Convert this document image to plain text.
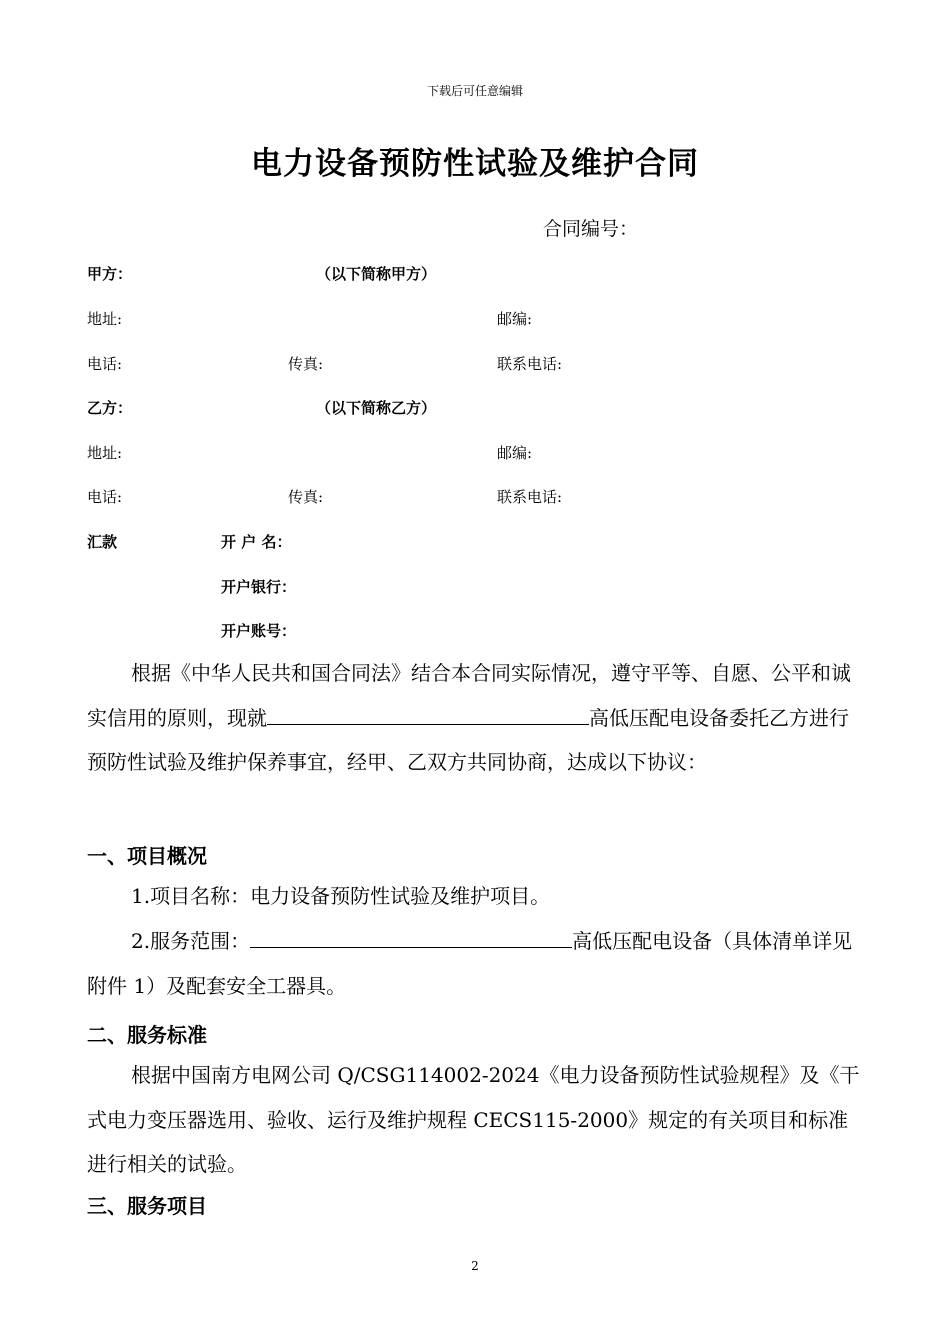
下载后可任意编辑
电力设备预防性试验及维护合同
合同编号：
甲方：	（以下简称甲方）
地址:	邮编:
电话:	传真:	联系电话:
乙方：	（以下简称乙方）
地址:	邮编:
电话:	传真:	联系电话:
汇款	开 户 名：
开户银行：
开户账号：
根据《中华人民共和国合同法》结合本合同实际情况，遵守平等、自愿、公平和诚实信用的原则，现就	高低压配电设备委托乙方进行预防性试验及维护保养事宜，经甲、乙双方共同协商，达成以下协议：
一、项目概况
1.项目名称：电力设备预防性试验及维护项目。
2.服务范围：	高低压配电设备（具体清单详见附件 1）及配套安全工器具。
二、服务标准
根据中国南方电网公司 Q/CSG114002-2024《电力设备预防性试验规程》及《干式电力变压器选用、验收、运行及维护规程 CECS115-2000》规定的有关项目和标准进行相关的试验。
三、服务项目
2
